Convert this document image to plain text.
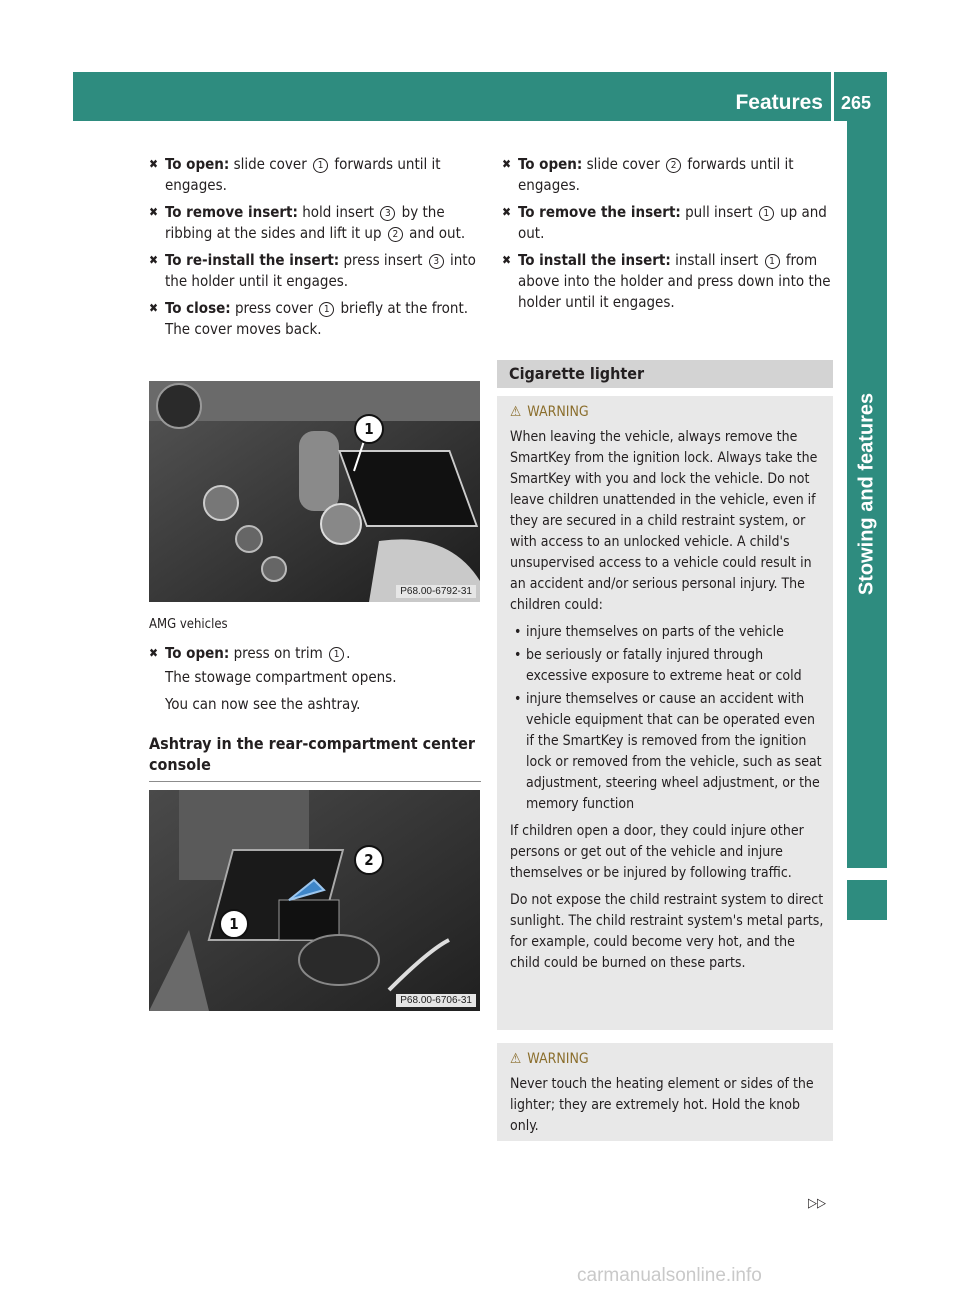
Features 265
Stowing and features
✖ To open: slide cover 1 forwards until it engages.
✖ To remove insert: hold insert 3 by the ribbing at the sides and lift it up 2 and out.
✖ To re-install the insert: press insert 3 into the holder until it engages.
✖ To close: press cover 1 briefly at the front.
The cover moves back.
1
P68.00-6792-31
AMG vehicles
✖ To open: press on trim 1 .
The stowage compartment opens.
You can now see the ashtray.
Ashtray in the rear-compartment center console
2
1
P68.00-6706-31
✖ To open: slide cover 2 forwards until it engages.
✖ To remove the insert: pull insert 1 up and out.
✖ To install the insert: install insert 1 from above into the holder and press down into the holder until it engages.
Cigarette lighter
⚠︎ WARNING

When leaving the vehicle, always remove the SmartKey from the ignition lock. Always take the SmartKey with you and lock the vehicle. Do not leave children unattended in the vehicle, even if they are secured in a child restraint system, or with access to an unlocked vehicle. A child's unsupervised access to a vehicle could result in an accident and/or serious personal injury. The children could:

• injure themselves on parts of the vehicle
• be seriously or fatally injured through excessive exposure to extreme heat or cold
• injure themselves or cause an accident with vehicle equipment that can be operated even if the SmartKey is removed from the ignition lock or removed from the vehicle, such as seat adjustment, steering wheel adjustment, or the memory function

If children open a door, they could injure other persons or get out of the vehicle and injure themselves or be injured by following traffic.

Do not expose the child restraint system to direct sunlight. The child restraint system's metal parts, for example, could become very hot, and the child could be burned on these parts.

⚠︎ WARNING

Never touch the heating element or sides of the lighter; they are extremely hot. Hold the knob only.

▷▷
carmanualsonline.info
